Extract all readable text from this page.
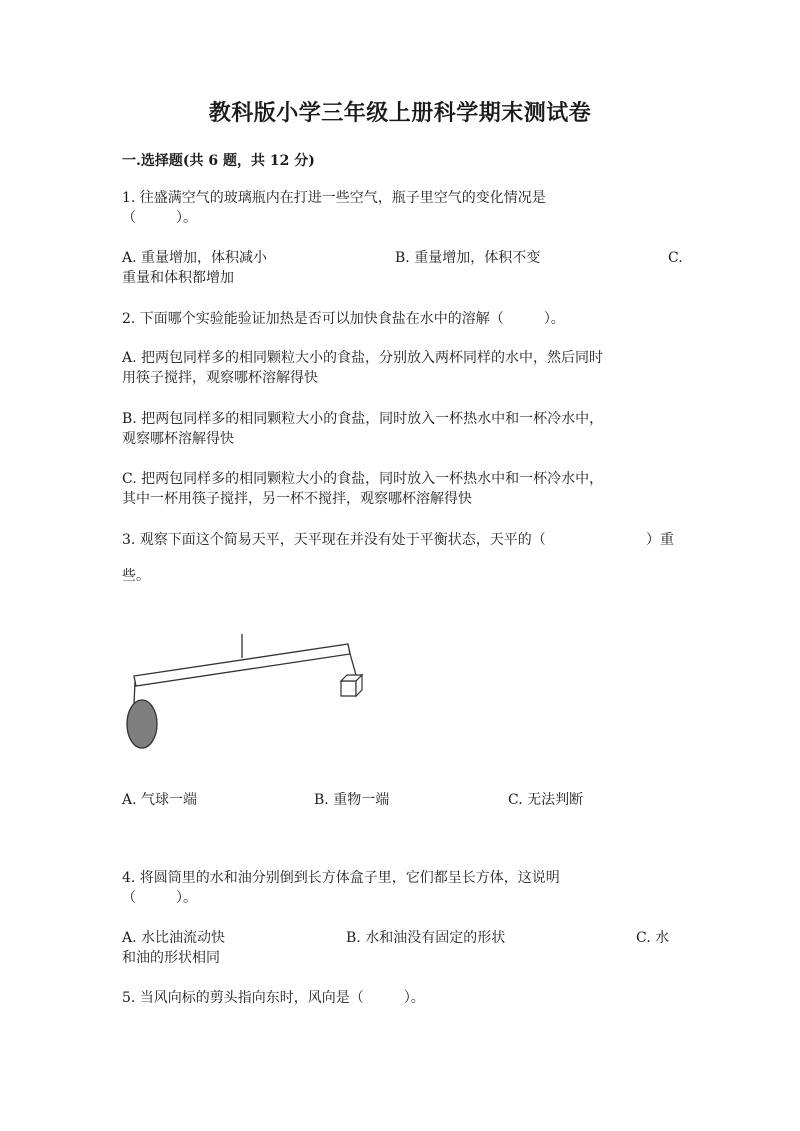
教科版小学三年级上册科学期末测试卷
一.选择题(共 6 题，共 12 分)
1. 往盛满空气的玻璃瓶内在打进一些空气，瓶子里空气的变化情况是
（	）。
A. 重量增加，体积减小	B. 重量增加，体积不变	C.
重量和体积都增加
2. 下面哪个实验能验证加热是否可以加快食盐在水中的溶解（	）。
A. 把两包同样多的相同颗粒大小的食盐，分别放入两杯同样的水中，然后同时
用筷子搅拌，观察哪杯溶解得快
B. 把两包同样多的相同颗粒大小的食盐，同时放入一杯热水中和一杯冷水中，
观察哪杯溶解得快
C. 把两包同样多的相同颗粒大小的食盐，同时放入一杯热水中和一杯冷水中，
其中一杯用筷子搅拌，另一杯不搅拌，观察哪杯溶解得快
3. 观察下面这个简易天平，天平现在并没有处于平衡状态，天平的（	）重
些。
A. 气球一端	B. 重物一端	C. 无法判断
4. 将圆筒里的水和油分别倒到长方体盒子里，它们都呈长方体，这说明
（	）。
A. 水比油流动快	B. 水和油没有固定的形状	C. 水
和油的形状相同
5. 当风向标的剪头指向东时，风向是（	）。
